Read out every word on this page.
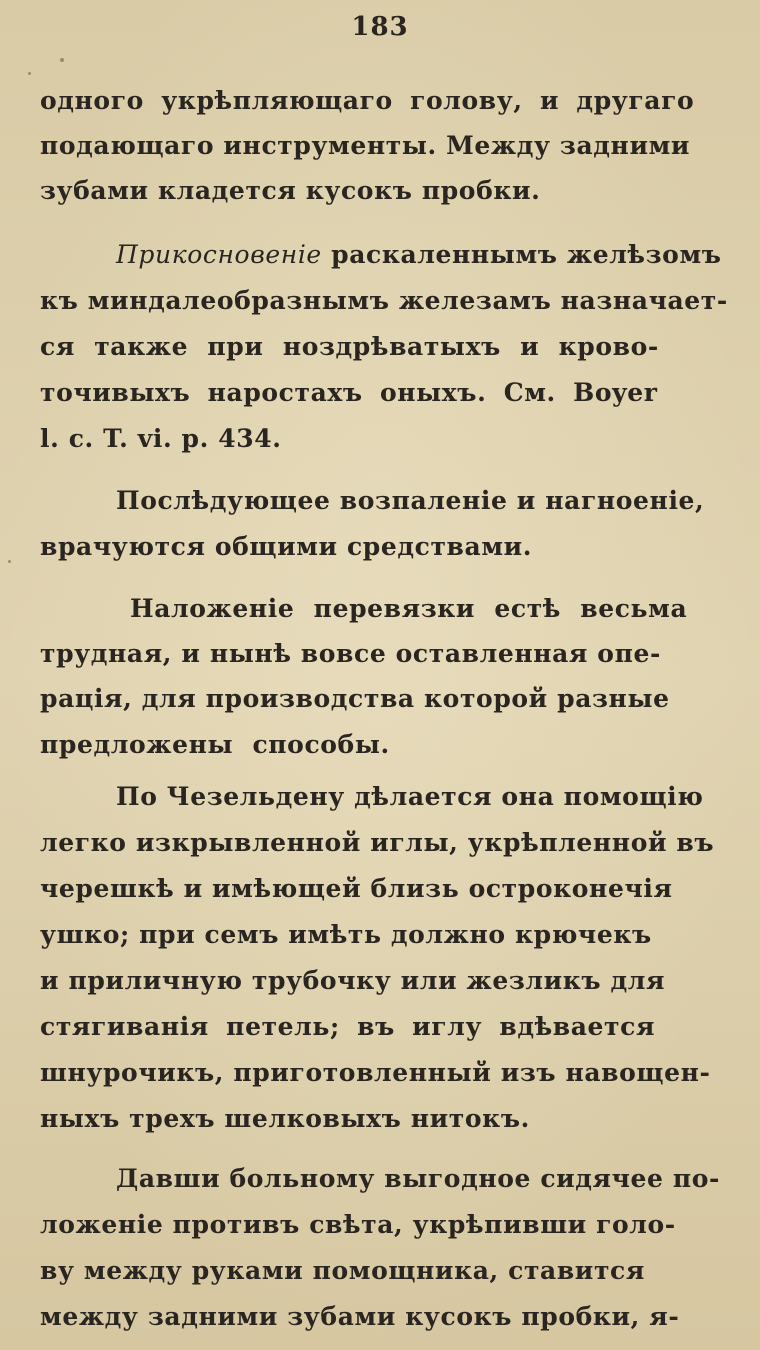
183
одного укрѣпляющаго голову, и другаго
подающаго инструменты. Между задними
зубами кладется кусокъ пробки.
Прикосновеніе раскаленнымъ желѣзомъ
къ миндалеобразнымъ железамъ назначает-
ся также при ноздрѣватыхъ и крово-
точивыхъ наростахъ оныхъ. См. Boyer
l. c. T. vi. p. 434.
Послѣдующее возпаленіе и нагноеніе,
врачуются общими средствами.
Наложеніе перевязки естѣ весьма
трудная, и нынѣ вовсе оставленная опе-
рація, для производства которой разные
предложены способы.
По Чезельдену дѣлается она помощію
легко изкрывленной иглы, укрѣпленной въ
черешкѣ и имѣющей близь остроконечія
ушко; при семъ имѣть должно крючекъ
и приличную трубочку или жезликъ для
стягиванія петель; въ иглу вдѣвается
шнурочикъ, приготовленный изъ навощен-
ныхъ трехъ шелковыхъ нитокъ.
Давши больному выгодное сидячее по-
ложеніе противъ свѣта, укрѣпивши голо-
ву между руками помощника, ставится
между задними зубами кусокъ пробки, я-
